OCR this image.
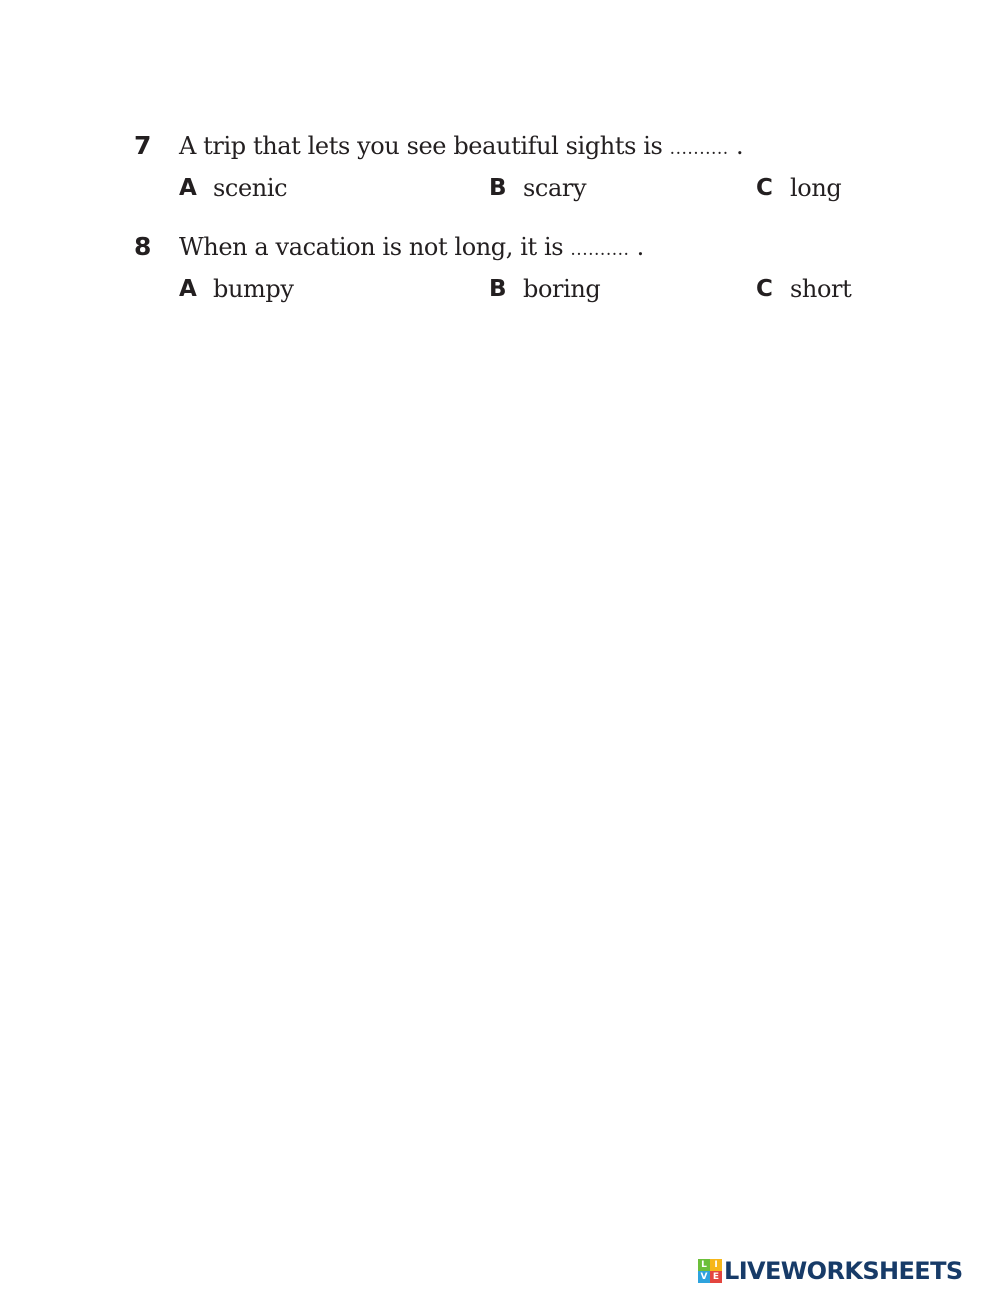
7 A trip that lets you see beautiful sights is .......... .
A scenic	B scary	C long
8 When a vacation is not long, it is .......... .
A bumpy	B boring	C short
L I
V E LIVEWORKSHEETS
